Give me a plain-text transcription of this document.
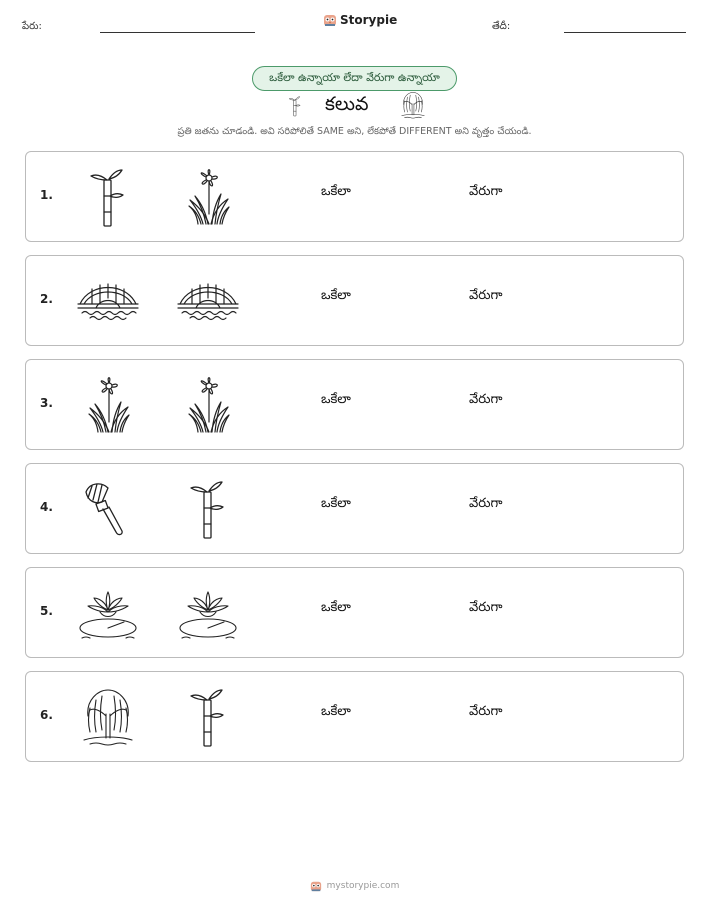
పేరు:	Storypie	తేదీ:
ఒకేలా ఉన్నాయా లేదా వేరుగా ఉన్నాయా
కలువ
ప్రతి జతను చూడండి. అవి సరిపోలితే SAME అని, లేకపోతే DIFFERENT అని వృత్తం చేయండి.
1.	ఒకేలా	వేరుగా
2.	ఒకేలా	వేరుగా
3.	ఒకేలా	వేరుగా
4.	ఒకేలా	వేరుగా
5.	ఒకేలా	వేరుగా
6.	ఒకేలా	వేరుగా
mystorypie.com
